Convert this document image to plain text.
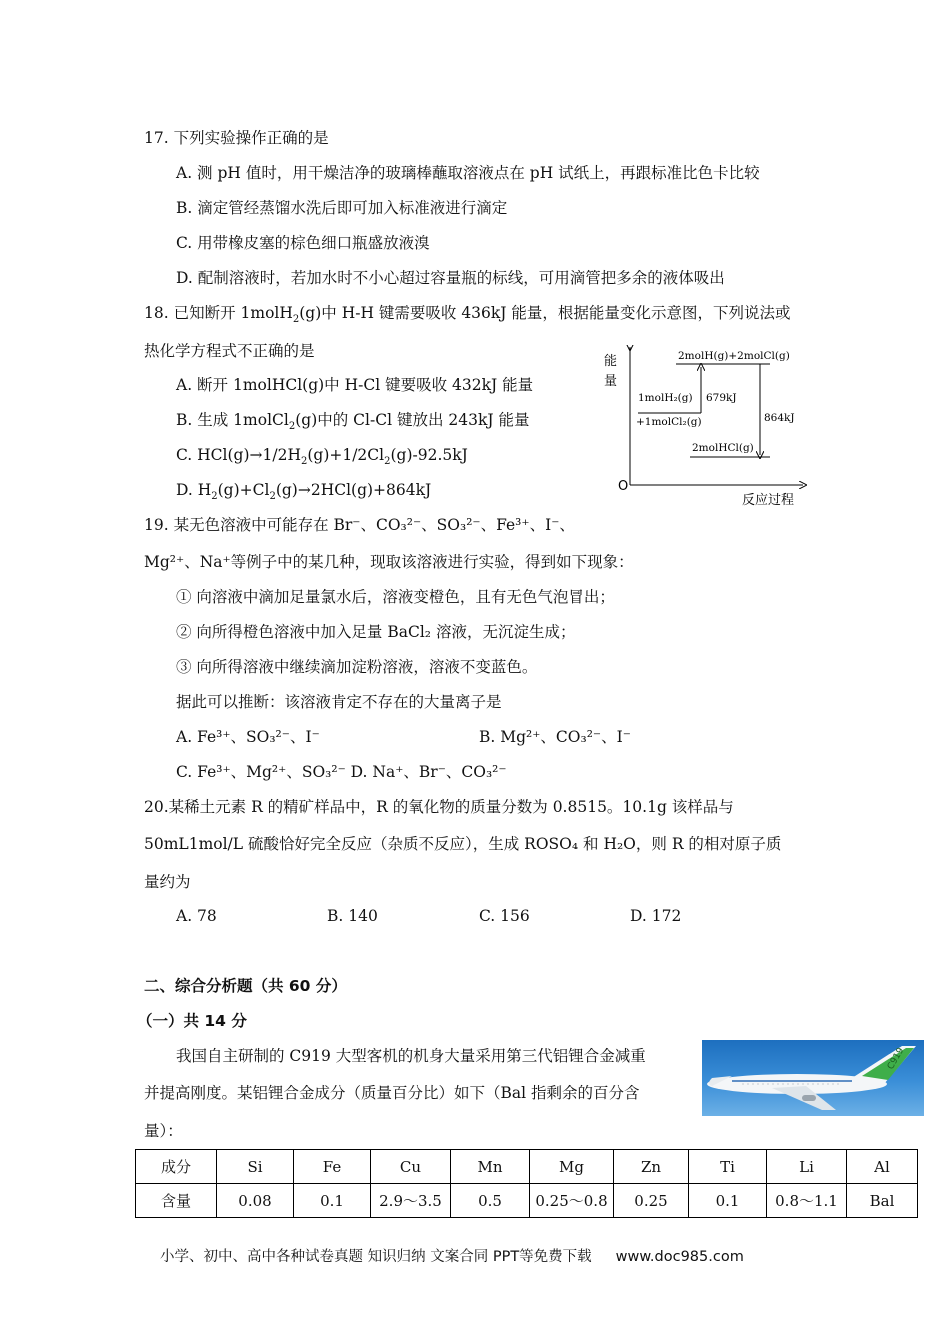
17. 下列实验操作正确的是
A. 测 pH 值时，用干燥洁净的玻璃棒蘸取溶液点在 pH 试纸上，再跟标准比色卡比较
B. 滴定管经蒸馏水洗后即可加入标准液进行滴定
C. 用带橡皮塞的棕色细口瓶盛放液溴
D. 配制溶液时，若加水时不小心超过容量瓶的标线，可用滴管把多余的液体吸出
18. 已知断开 1molH$_2$(g)中 H-H 键需要吸收 436kJ 能量，根据能量变化示意图，下列说法或
热化学方程式不正确的是
A. 断开 1molHCl(g)中 H-Cl 键要吸收 432kJ 能量
B. 生成 1molCl$_2$(g)中的 Cl-Cl 键放出 243kJ 能量
C. $HCl(g)\to 1/2H_2(g)+1/2Cl_2(g)-92.5kJ$
D. $H_2(g)+Cl_2(g)\to 2HCl(g)+864kJ$
能
量
O
反应过程
2molH(g)+2molCl(g)
1molH₂(g)
+1molCl₂(g)
2molHCl(g)
679kJ
864kJ
19. 某无色溶液中可能存在 Br⁻、CO₃²⁻、SO₃²⁻、Fe³⁺、I⁻、
Mg²⁺、Na⁺等例子中的某几种，现取该溶液进行实验，得到如下现象：
① 向溶液中滴加足量氯水后，溶液变橙色，且有无色气泡冒出；
② 向所得橙色溶液中加入足量 BaCl₂ 溶液，无沉淀生成；
③ 向所得溶液中继续滴加淀粉溶液，溶液不变蓝色。
据此可以推断：该溶液肯定不存在的大量离子是
A. Fe³⁺、SO₃²⁻、I⁻	B. Mg²⁺、CO₃²⁻、I⁻
C. Fe³⁺、Mg²⁺、SO₃²⁻ D. Na⁺、Br⁻、CO₃²⁻
20.某稀土元素 R 的精矿样品中，R 的氧化物的质量分数为 0.8515。10.1g 该样品与
50mL1mol/L 硫酸恰好完全反应（杂质不反应），生成 ROSO₄ 和 H₂O，则 R 的相对原子质
量约为
A. 78	B. 140	C. 156	D. 172
二、综合分析题（共 60 分）
（一）共 14 分
我国自主研制的 C919 大型客机的机身大量采用第三代铝锂合金减重
并提高刚度。某铝锂合金成分（质量百分比）如下（Bal 指剩余的百分含
量）：
C919
成分	Si	Fe	Cu	Mn	Mg	Zn	Ti	Li	Al
含量	0.08	0.1	2.9～3.5	0.5	0.25～0.8	0.25	0.1	0.8～1.1	Bal
小学、初中、高中各种试卷真题 知识归纳 文案合同 PPT等免费下载 www.doc985.com
